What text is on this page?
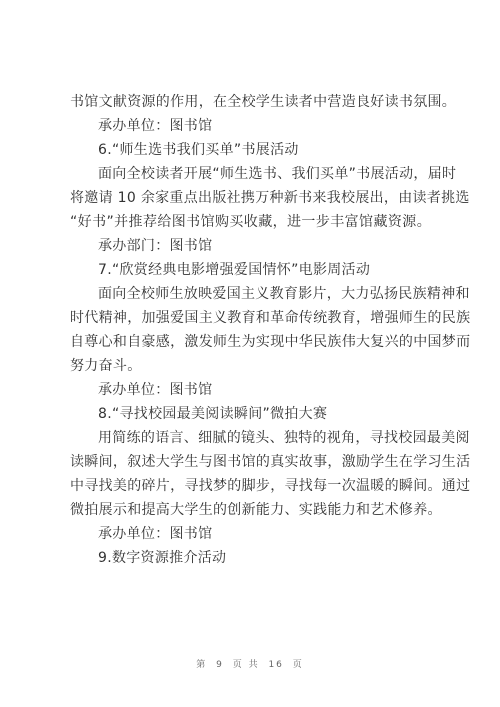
书馆文献资源的作用，在全校学生读者中营造良好读书氛围。
承办单位：图书馆
6.“师生选书我们买单”书展活动
面向全校读者开展“师生选书、我们买单”书展活动，届时
将邀请 10 余家重点出版社携万种新书来我校展出，由读者挑选
“好书”并推荐给图书馆购买收藏，进一步丰富馆藏资源。
承办部门：图书馆
7.“欣赏经典电影增强爱国情怀”电影周活动
面向全校师生放映爱国主义教育影片，大力弘扬民族精神和
时代精神，加强爱国主义教育和革命传统教育，增强师生的民族
自尊心和自豪感，激发师生为实现中华民族伟大复兴的中国梦而
努力奋斗。
承办单位：图书馆
8.“寻找校园最美阅读瞬间”微拍大赛
用简练的语言、细腻的镜头、独特的视角，寻找校园最美阅
读瞬间，叙述大学生与图书馆的真实故事，激励学生在学习生活
中寻找美的碎片，寻找梦的脚步，寻找每一次温暖的瞬间。通过
微拍展示和提高大学生的创新能力、实践能力和艺术修养。
承办单位：图书馆
9.数字资源推介活动
第 9 页 共 16 页
